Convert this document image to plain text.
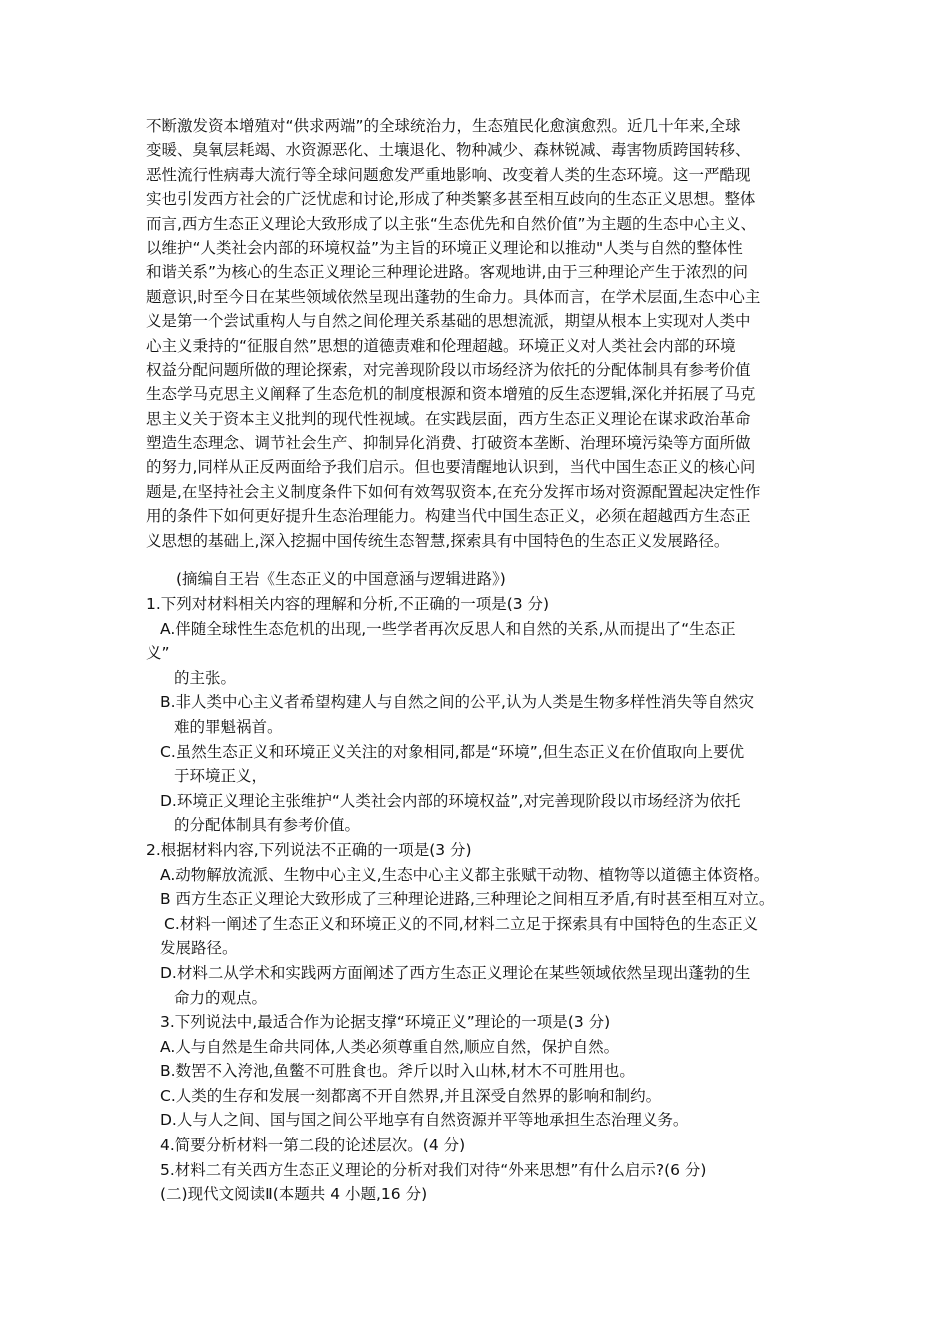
不断激发资本增殖对“供求两端”的全球统治力，生态殖民化愈演愈烈。近几十年来,全球
变暖、臭氧层耗竭、水资源恶化、土壤退化、物种减少、森林锐减、毒害物质跨国转移、
恶性流行性病毒大流行等全球问题愈发严重地影响、改变着人类的生态环境。这一严酷现
实也引发西方社会的广泛忧虑和讨论,形成了种类繁多甚至相互歧向的生态正义思想。整体
而言,西方生态正义理论大致形成了以主张“生态优先和自然价值”为主题的生态中心主义、
以维护“人类社会内部的环境权益”为主旨的环境正义理论和以推动"人类与自然的整体性
和谐关系”为核心的生态正义理论三种理论进路。客观地讲,由于三种理论产生于浓烈的问
题意识,时至今日在某些领域依然呈现出蓬勃的生命力。具体而言，在学术层面,生态中心主
义是第一个尝试重构人与自然之间伦理关系基础的思想流派，期望从根本上实现对人类中
心主义秉持的“征服自然”思想的道德责难和伦理超越。环境正义对人类社会内部的环境
权益分配问题所做的理论探索，对完善现阶段以市场经济为依托的分配体制具有参考价值
生态学马克思主义阐释了生态危机的制度根源和资本增殖的反生态逻辑,深化并拓展了马克
思主义关于资本主义批判的现代性视域。在实践层面，西方生态正义理论在谋求政治革命
塑造生态理念、调节社会生产、抑制异化消费、打破资本垄断、治理环境污染等方面所做
的努力,同样从正反两面给予我们启示。但也要清醒地认识到，当代中国生态正义的核心问
题是,在坚持社会主义制度条件下如何有效驾驭资本,在充分发挥市场对资源配置起决定性作
用的条件下如何更好提升生态治理能力。构建当代中国生态正义，必须在超越西方生态正
义思想的基础上,深入挖掘中国传统生态智慧,探索具有中国特色的生态正义发展路径。
(摘编自王岩《生态正义的中国意涵与逻辑进路》)
1.下列对材料相关内容的理解和分析,不正确的一项是(3 分)
A.伴随全球性生态危机的出现,一些学者再次反思人和自然的关系,从而提出了“生态正
义”
的主张。
B.非人类中心主义者希望构建人与自然之间的公平,认为人类是生物多样性消失等自然灾
难的罪魁祸首。
C.虽然生态正义和环境正义关注的对象相同,都是“环境”,但生态正义在价值取向上要优
于环境正义，
D.环境正义理论主张维护“人类社会内部的环境权益”,对完善现阶段以市场经济为依托
的分配体制具有参考价值。
2.根据材料内容,下列说法不正确的一项是(3 分)
A.动物解放流派、生物中心主义,生态中心主义都主张赋干动物、植物等以道德主体资格。
B 西方生态正义理论大致形成了三种理论进路,三种理论之间相互矛盾,有时甚至相互对立。
C.材料一阐述了生态正义和环境正义的不同,材料二立足于探索具有中国特色的生态正义
发展路径。
D.材料二从学术和实践两方面阐述了西方生态正义理论在某些领域依然呈现出蓬勃的生
命力的观点。
3.下列说法中,最适合作为论据支撑“环境正义”理论的一项是(3 分)
A.人与自然是生命共同体,人类必须尊重自然,顺应自然，保护自然。
B.数罟不入洿池,鱼鳖不可胜食也。斧斤以时入山林,材木不可胜用也。
C.人类的生存和发展一刻都离不开自然界,并且深受自然界的影响和制约。
D.人与人之间、国与国之间公平地享有自然资源并平等地承担生态治理义务。
4.简要分析材料一第二段的论述层次。(4 分)
5.材料二有关西方生态正义理论的分析对我们对待“外来思想”有什么启示?(6 分)
(二)现代文阅读Ⅱ(本题共 4 小题,16 分)
